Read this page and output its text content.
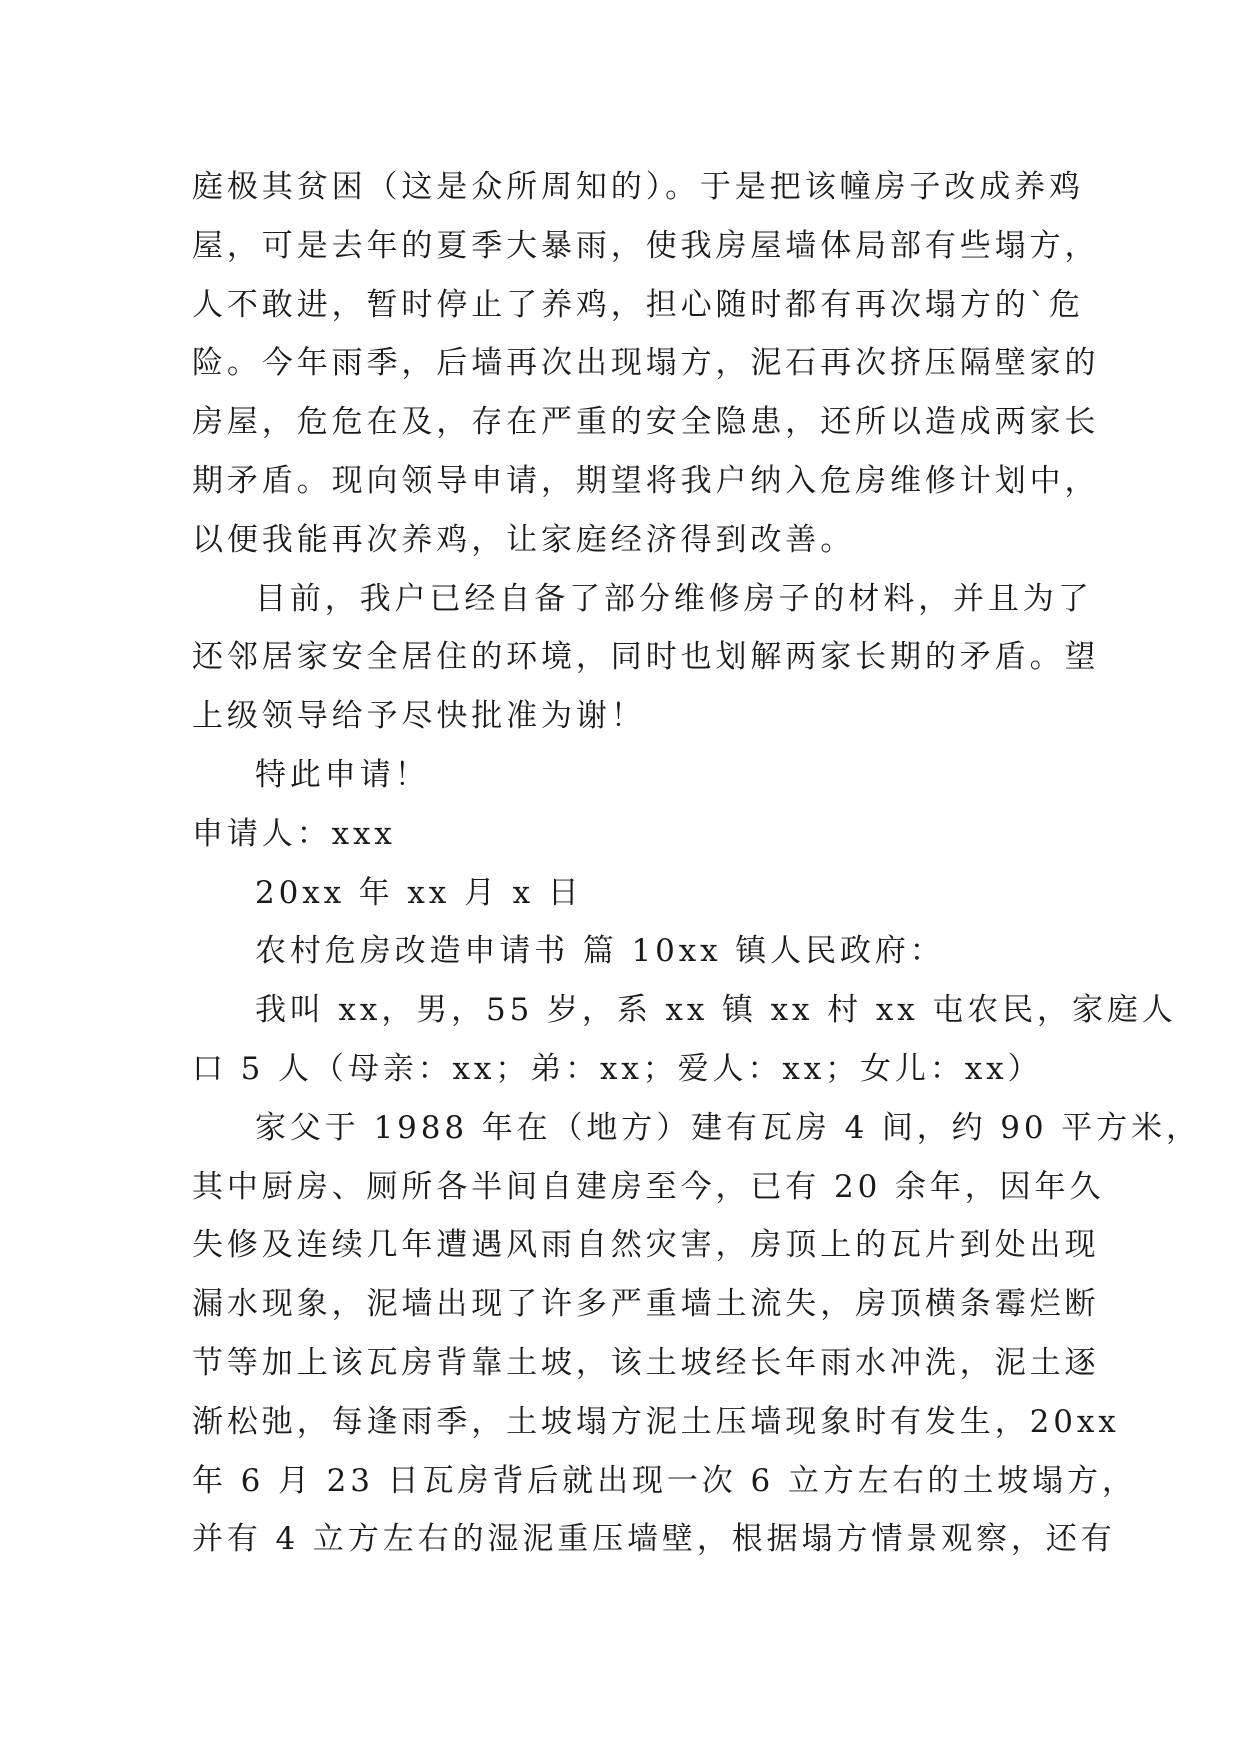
庭极其贫困（这是众所周知的）。于是把该幢房子改成养鸡
屋，可是去年的夏季大暴雨，使我房屋墙体局部有些塌方，
人不敢进，暂时停止了养鸡，担心随时都有再次塌方的`危
险。今年雨季，后墙再次出现塌方，泥石再次挤压隔壁家的
房屋，危危在及，存在严重的安全隐患，还所以造成两家长
期矛盾。现向领导申请，期望将我户纳入危房维修计划中，
以便我能再次养鸡，让家庭经济得到改善。
目前，我户已经自备了部分维修房子的材料，并且为了
还邻居家安全居住的环境，同时也划解两家长期的矛盾。望
上级领导给予尽快批准为谢！
特此申请！
申请人：xxx
20xx 年 xx 月 x 日
农村危房改造申请书 篇 10xx 镇人民政府：
我叫 xx，男，55 岁，系 xx 镇 xx 村 xx 屯农民，家庭人
口 5 人（母亲：xx；弟：xx；爱人：xx；女儿：xx）
家父于 1988 年在（地方）建有瓦房 4 间，约 90 平方米，
其中厨房、厕所各半间自建房至今，已有 20 余年，因年久
失修及连续几年遭遇风雨自然灾害，房顶上的瓦片到处出现
漏水现象，泥墙出现了许多严重墙土流失，房顶横条霉烂断
节等加上该瓦房背靠土坡，该土坡经长年雨水冲洗，泥土逐
渐松弛，每逢雨季，土坡塌方泥土压墙现象时有发生，20xx
年 6 月 23 日瓦房背后就出现一次 6 立方左右的土坡塌方，
并有 4 立方左右的湿泥重压墙壁，根据塌方情景观察，还有
